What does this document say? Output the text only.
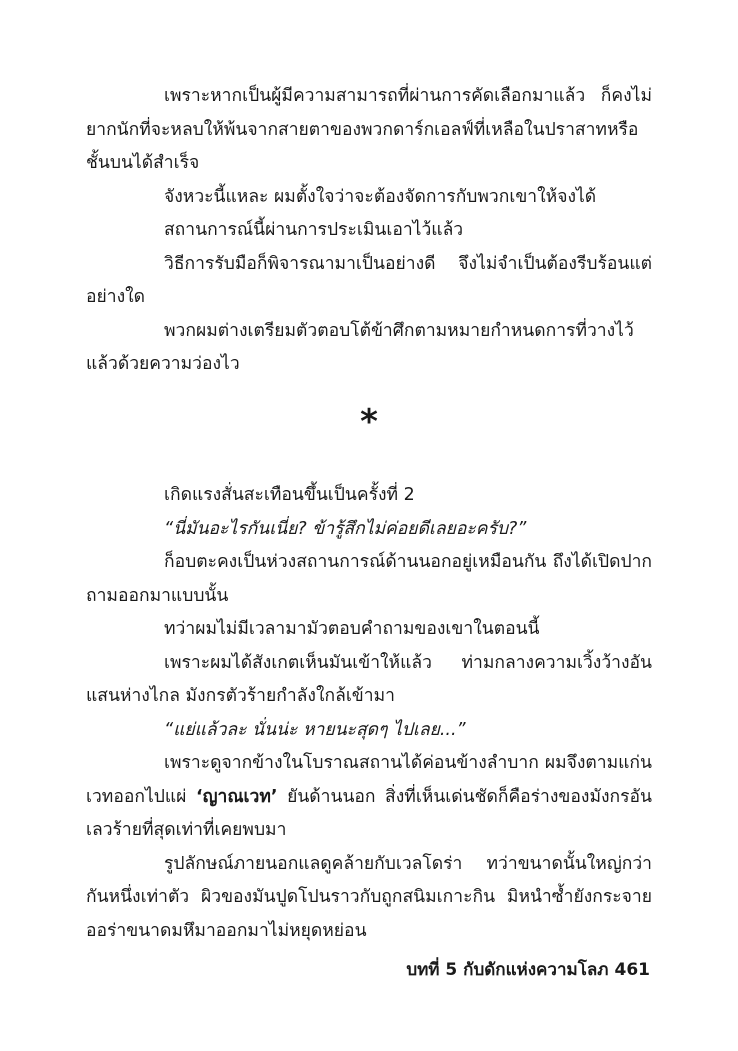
เพราะหากเป็นผู้มีความสามารถที่ผ่านการคัดเลือกมาแล้ว ก็คงไม่ยากนักที่จะหลบให้พ้นจากสายตาของพวกดาร์กเอลฟ์ที่เหลือในปราสาทหรือชั้นบนได้สำเร็จ

จังหวะนี้แหละ ผมตั้งใจว่าจะต้องจัดการกับพวกเขาให้จงได้

สถานการณ์นี้ผ่านการประเมินเอาไว้แล้ว

วิธีการรับมือก็พิจารณามาเป็นอย่างดี จึงไม่จำเป็นต้องรีบร้อนแต่อย่างใด

พวกผมต่างเตรียมตัวตอบโต้ข้าศึกตามหมายกำหนดการที่วางไว้แล้วด้วยความว่องไว

*

เกิดแรงสั่นสะเทือนขึ้นเป็นครั้งที่ 2

“นี่มันอะไรกันเนี่ย? ข้ารู้สึกไม่ค่อยดีเลยอะครับ?”

ก็อบตะคงเป็นห่วงสถานการณ์ด้านนอกอยู่เหมือนกัน ถึงได้เปิดปากถามออกมาแบบนั้น

ทว่าผมไม่มีเวลามามัวตอบคำถามของเขาในตอนนี้

เพราะผมได้สังเกตเห็นมันเข้าให้แล้ว ท่ามกลางความเวิ้งว้างอันแสนห่างไกล มังกรตัวร้ายกำลังใกล้เข้ามา

“แย่แล้วละ นั่นน่ะ หายนะสุดๆ ไปเลย...”

เพราะดูจากข้างในโบราณสถานได้ค่อนข้างลำบาก ผมจึงตามแก่นเวทออกไปแผ่ ‘ญาณเวท’ ยันด้านนอก สิ่งที่เห็นเด่นชัดก็คือร่างของมังกรอันเลวร้ายที่สุดเท่าที่เคยพบมา

รูปลักษณ์ภายนอกแลดูคล้ายกับเวลโดร่า ทว่าขนาดนั้นใหญ่กว่ากันหนึ่งเท่าตัว ผิวของมันปูดโปนราวกับถูกสนิมเกาะกิน มิหนำซ้ำยังกระจายออร่าขนาดมหึมาออกมาไม่หยุดหย่อน

บทที่ 5 กับดักแห่งความโลภ 461
